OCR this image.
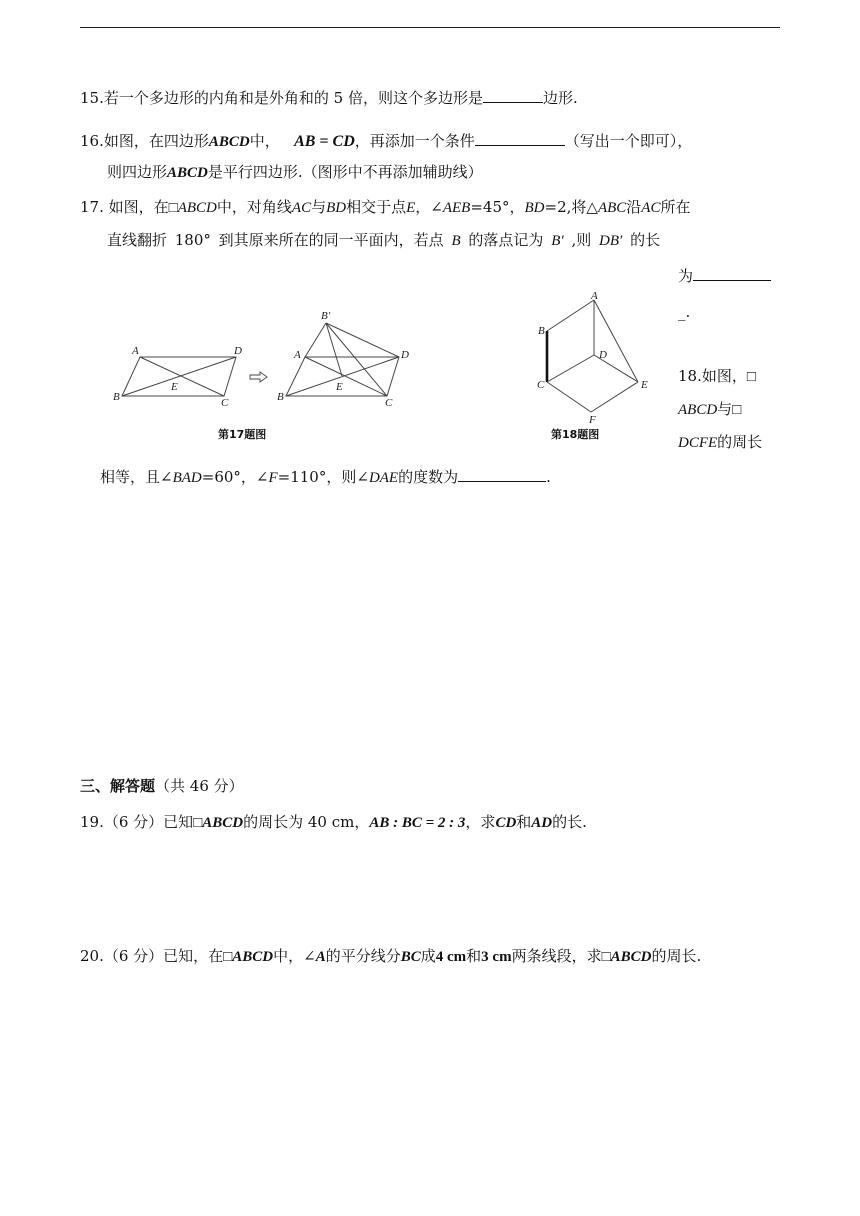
15.若一个多边形的内角和是外角和的 5 倍，则这个多边形是	边形.
16.如图，在四边形ABCD中， AB = CD，再添加一个条件	（写出一个即可），
则四边形ABCD是平行四边形.（图形中不再添加辅助线）
17. 如图，在□ABCD中，对角线AC与BD相交于点E，∠AEB=45°，BD=2,将△ABC沿AC所在
直线翻折 180° 到其原来所在的同一平面内，若点 B 的落点记为 B′ ,则 DB′ 的长
为
_.
A	D
B	C
E
B′
A	D
B	C
E
第17题图
A
B
D
C	E
F
第18题图
18.如图，□
ABCD与□
DCFE的周长
相等，且∠BAD=60°，∠F=110°，则∠DAE的度数为	.
三、解答题（共 46 分）
19.（6 分）已知□ABCD的周长为 40 cm，AB : BC = 2 : 3，求CD和AD的长.
20.（6 分）已知，在□ABCD中，∠A的平分线分BC成4 cm和3 cm两条线段，求□ABCD的周长.
